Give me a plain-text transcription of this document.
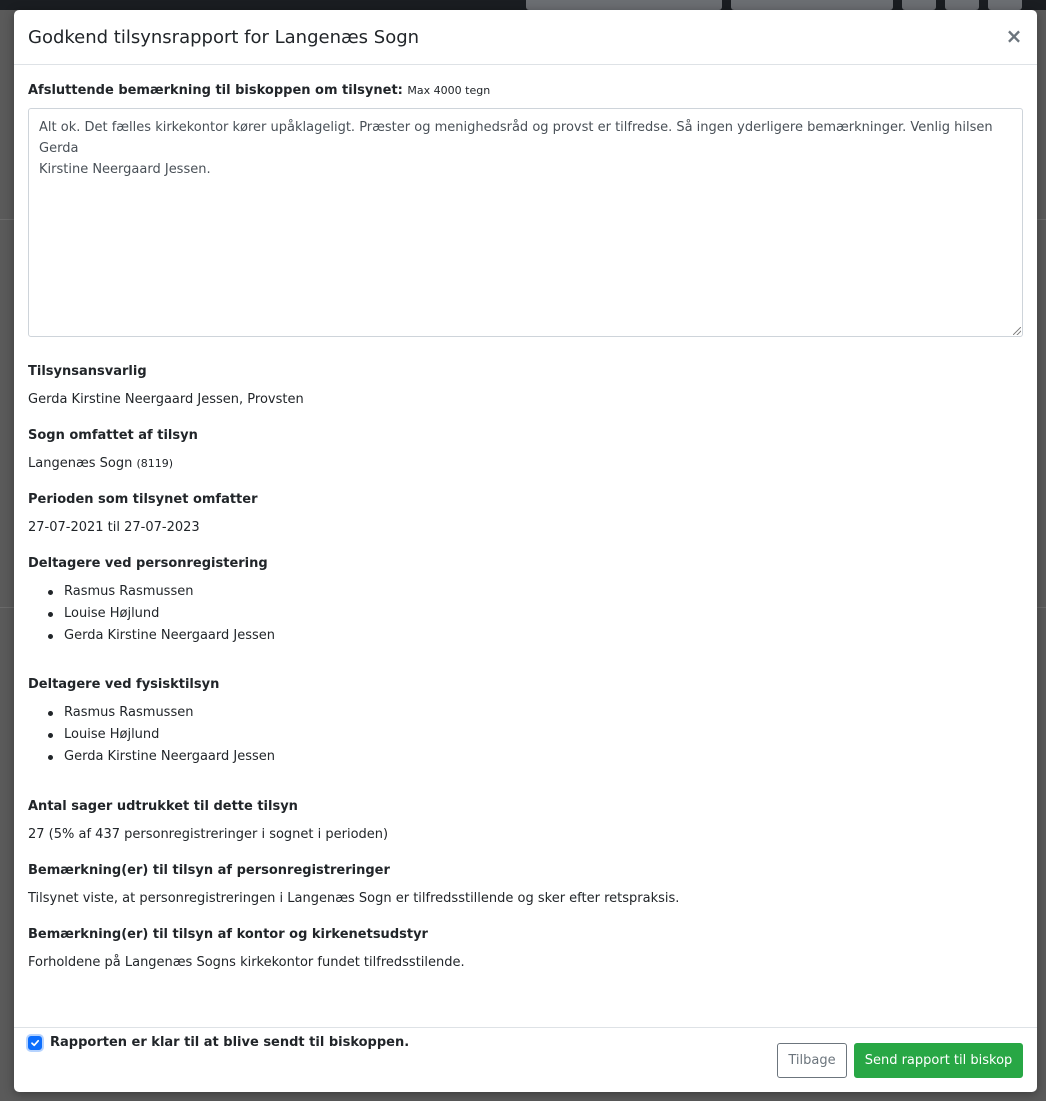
Godkend tilsynsrapport for Langenæs Sogn	×
Afsluttende bemærkning til biskoppen om tilsynet: Max 4000 tegn
Alt ok. Det fælles kirkekontor kører upåklageligt. Præster og menighedsråd og provst er tilfredse. Så ingen yderligere bemærkninger. Venlig hilsen Gerda
Kirstine Neergaard Jessen.
Tilsynsansvarlig
Gerda Kirstine Neergaard Jessen, Provsten
Sogn omfattet af tilsyn
Langenæs Sogn (8119)
Perioden som tilsynet omfatter
27-07-2021 til 27-07-2023
Deltagere ved personregistering
Rasmus Rasmussen
Louise Højlund
Gerda Kirstine Neergaard Jessen
Deltagere ved fysisktilsyn
Rasmus Rasmussen
Louise Højlund
Gerda Kirstine Neergaard Jessen
Antal sager udtrukket til dette tilsyn
27 (5% af 437 personregistreringer i sognet i perioden)
Bemærkning(er) til tilsyn af personregistreringer
Tilsynet viste, at personregistreringen i Langenæs Sogn er tilfredsstillende og sker efter retspraksis.
Bemærkning(er) til tilsyn af kontor og kirkenetsudstyr
Forholdene på Langenæs Sogns kirkekontor fundet tilfredsstilende.
Rapporten er klar til at blive sendt til biskoppen.
Tilbage	Send rapport til biskop
